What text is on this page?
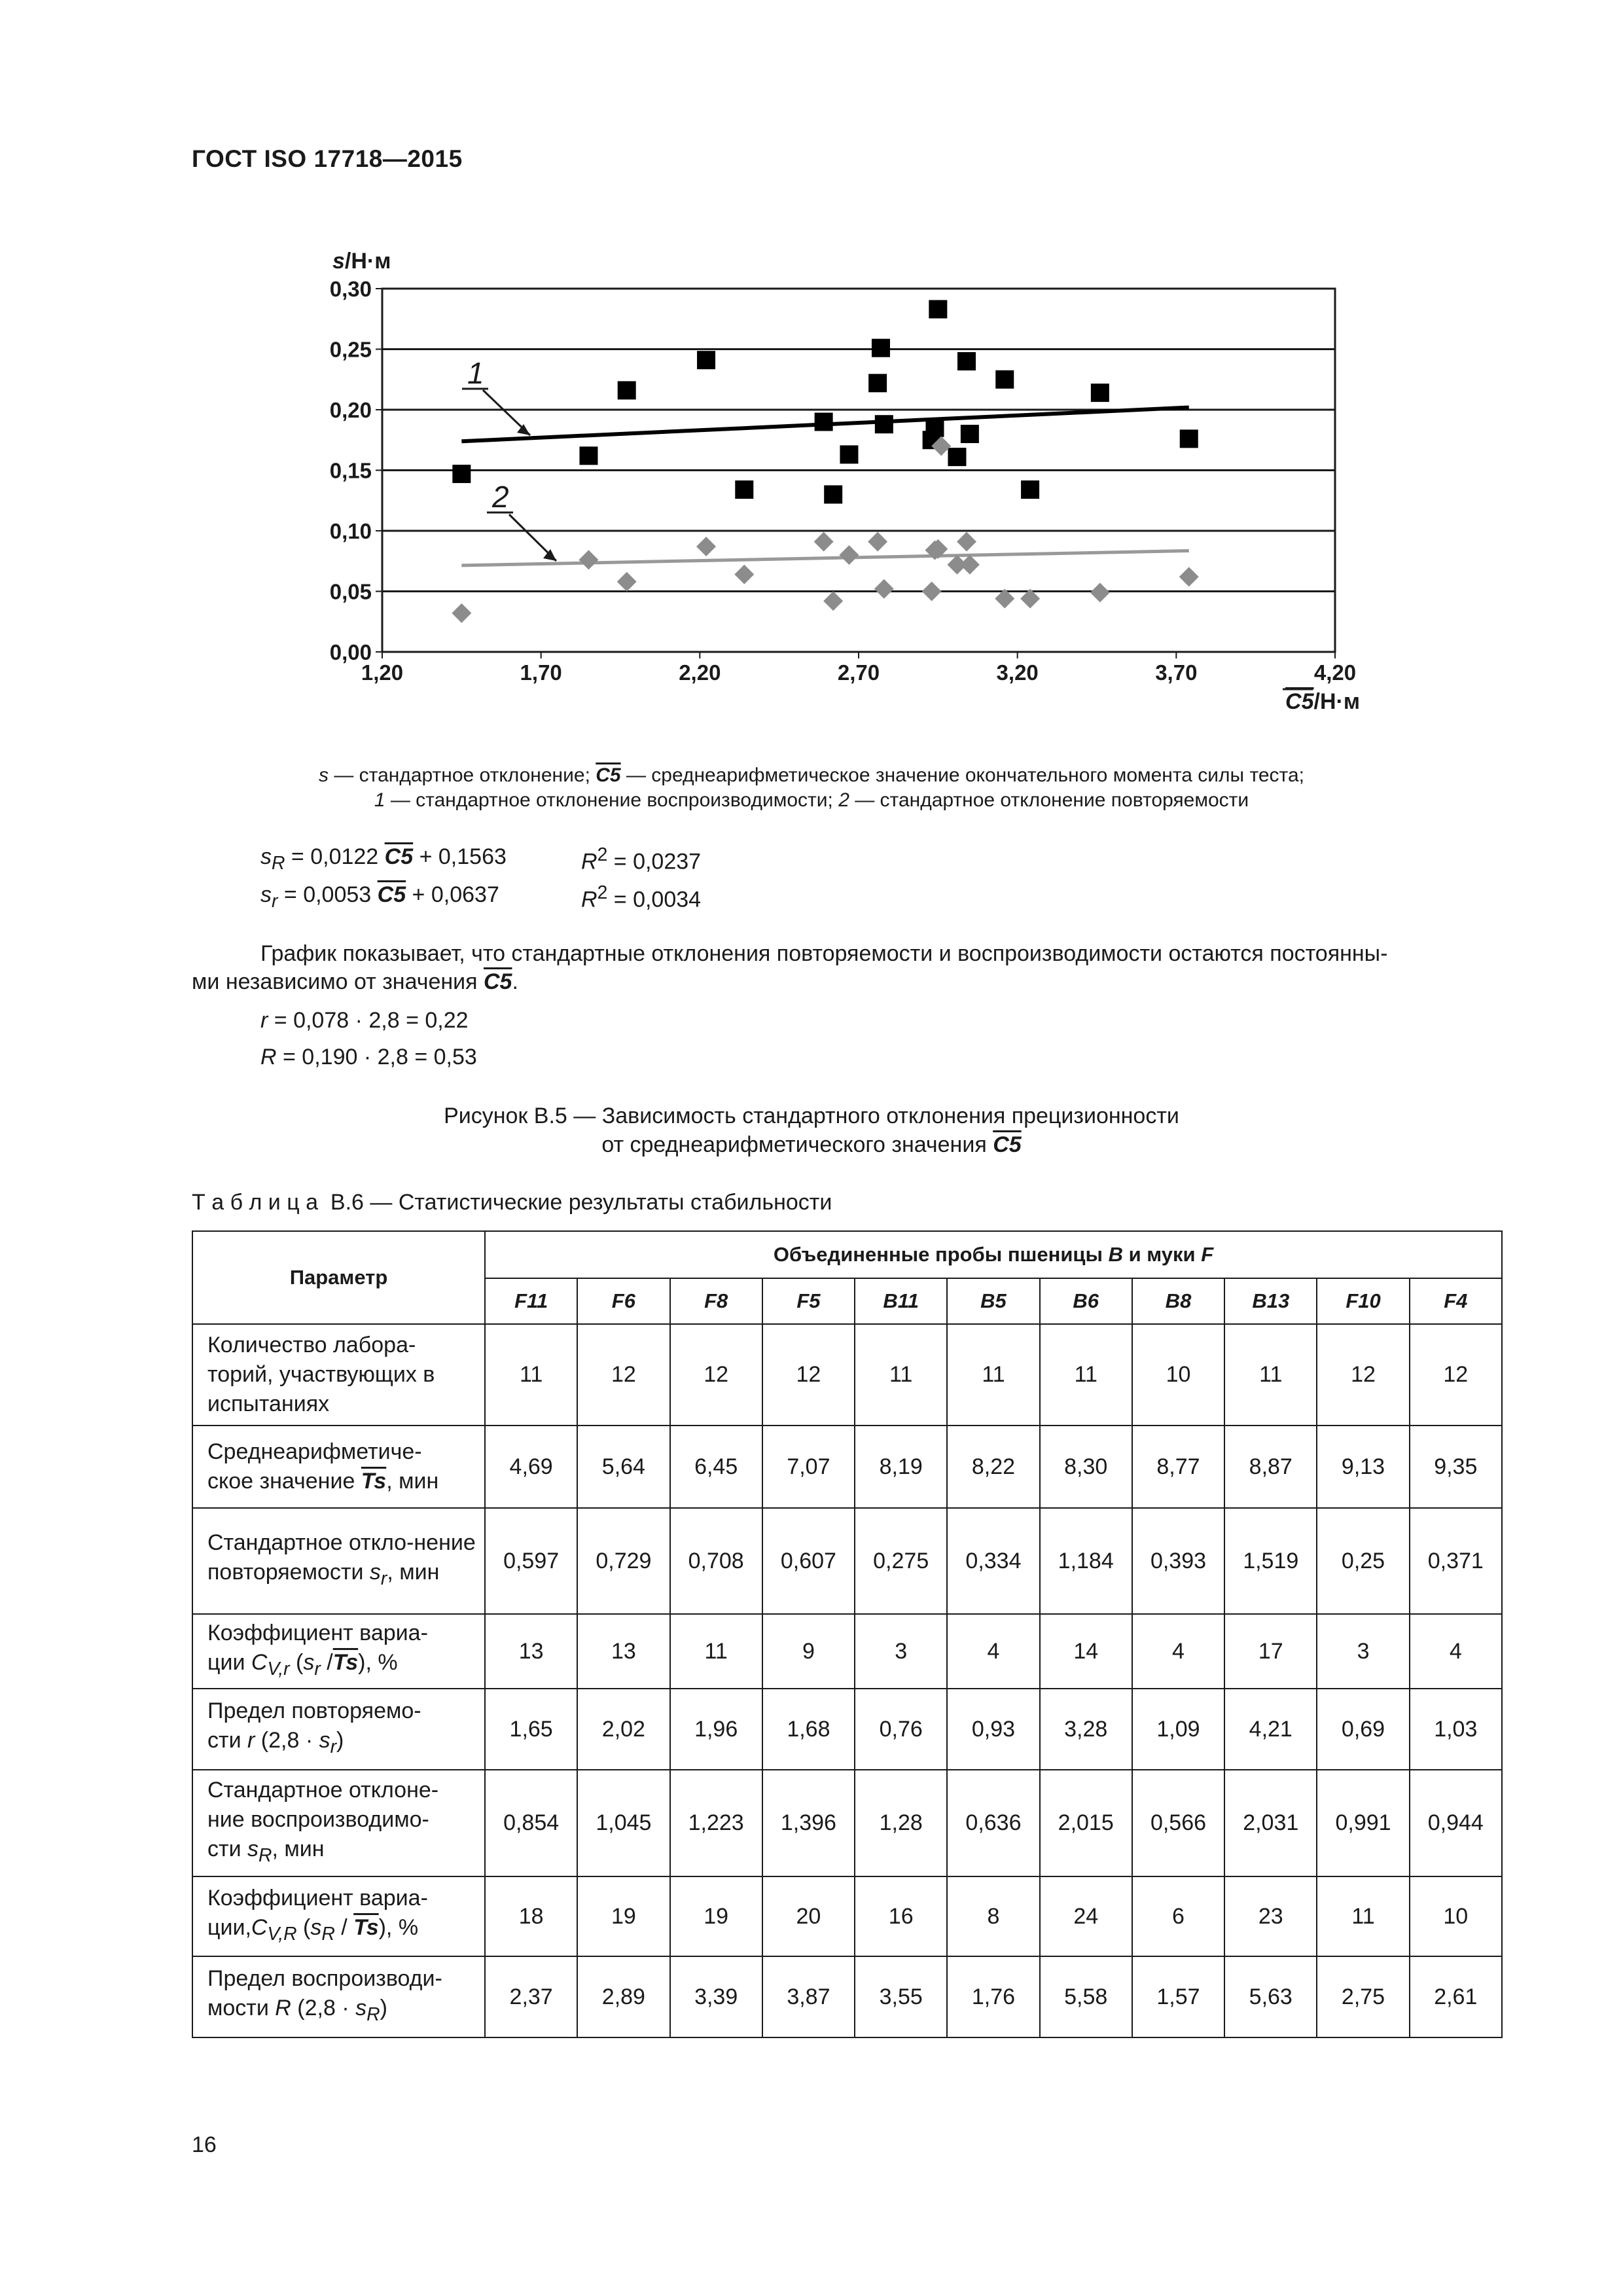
ГОСТ ISO 17718—2015
0,00
0,05
0,10
0,15
0,20
0,25
0,30
1,20	1,70	2,20	2,70	3,20	3,70	4,20
s/Н·м
C5/Н·м
1
2
s — стандартное отклонение; C5 — среднеарифметическое значение окончательного момента силы теста;
1 — стандартное отклонение воспроизводимости; 2 — стандартное отклонение повторяемости
$s_R = 0,0122$ C5 + 0,1563	$R^2 = 0,0237$
$s_r = 0,0053$ C5 + 0,0637	$R^2 = 0,0034$
График показывает, что стандартные отклонения повторяемости и воспроизводимости остаются постоянны-
ми независимо от значения C5.
r = 0,078 · 2,8 = 0,22
R = 0,190 · 2,8 = 0,53
Рисунок В.5 — Зависимость стандартного отклонения прецизионности
от среднеарифметического значения C5
Т а б л и ц а  В.6 — Статистические результаты стабильности
Параметр	Объединенные пробы пшеницы B и муки F										
	F11	F6	F8	F5	B11	B5	B6	B8	B13	F10	F4
Количество лабора-торий, участвующих в испытаниях	11	12	12	12	11	11	11	10	11	12	12
Среднеарифметиче-
ское значение $\overline{Ts}$, мин	4,69	5,64	6,45	7,07	8,19	8,22	8,30	8,77	8,87	9,13	9,35
Стандартное откло-нение повторяемости $s_r$, мин	0,597	0,729	0,708	0,607	0,275	0,334	1,184	0,393	1,519	0,25	0,371
Коэффициент вариа-
ции $C_{V,r}$ ($s_r$ $/\overline{Ts}$), %	13	13	11	9	3	4	14	4	17	3	4
Предел повторяемо-
сти r $(2,8 \cdot s_r)$	1,65	2,02	1,96	1,68	0,76	0,93	3,28	1,09	4,21	0,69	1,03
Стандартное отклоне-
ние воспроизводимо-
сти $s_R$, мин	0,854	1,045	1,223	1,396	1,28	0,636	2,015	0,566	2,031	0,991	0,944
Коэффициент вариа-
$ции,C_{V,R}$ $(s_R / \overline{Ts})$, %	18	19	19	20	16	8	24	6	23	11	10
Предел воспроизводи-
мости R $(2,8 \cdot s_R)$	2,37	2,89	3,39	3,87	3,55	1,76	5,58	1,57	5,63	2,75	2,61
16
